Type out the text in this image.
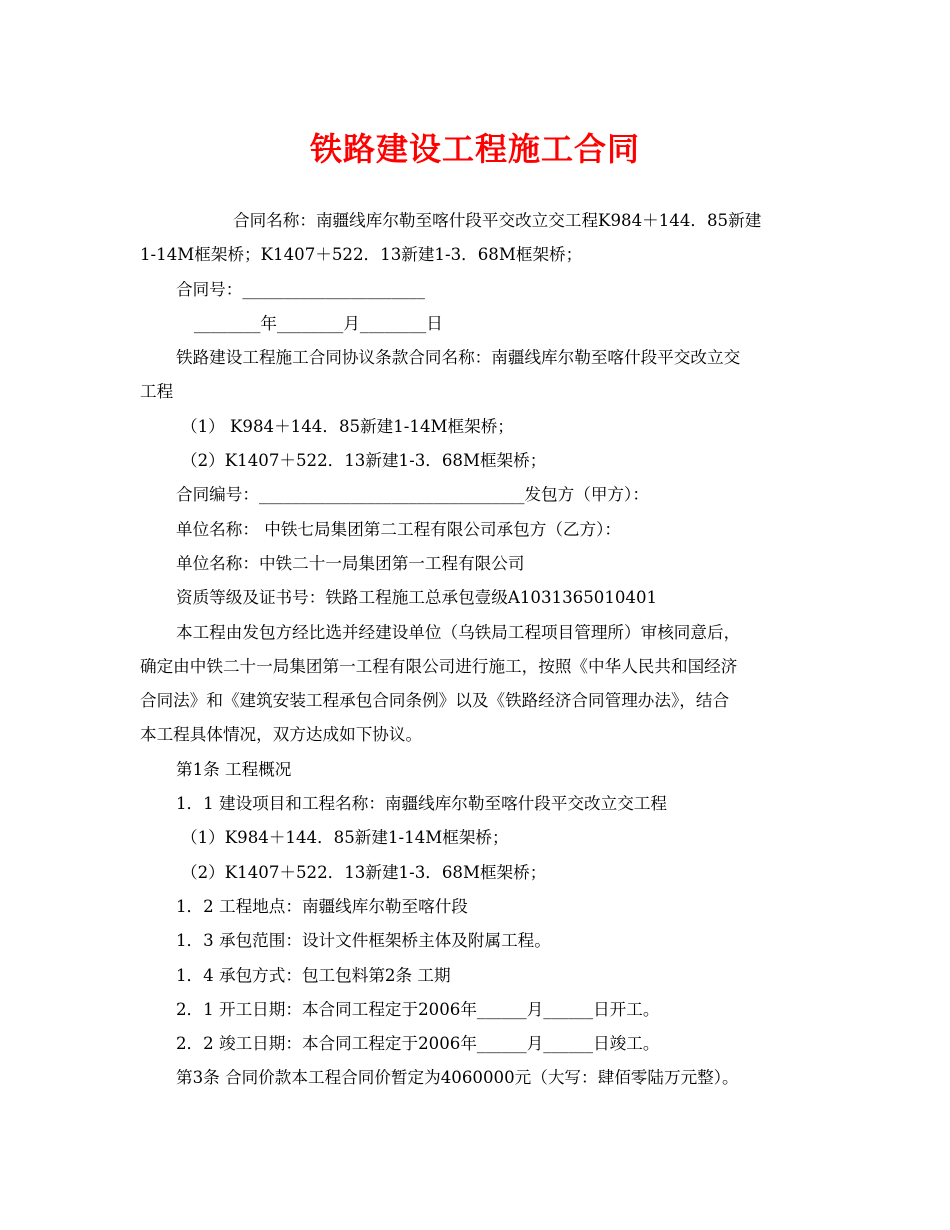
铁路建设工程施工合同

合同名称：南疆线库尔勒至喀什段平交改立交工程K984＋144．85新建

1-14M框架桥；K1407＋522．13新建1-3．68M框架桥；

合同号：______________________

________年________月________日

铁路建设工程施工合同协议条款合同名称：南疆线库尔勒至喀什段平交改立交

工程

（1） K984＋144．85新建1-14M框架桥；

（2）K1407＋522．13新建1-3．68M框架桥；

合同编号：________________________________发包方（甲方）：

单位名称： 中铁七局集团第二工程有限公司承包方（乙方）：

单位名称：中铁二十一局集团第一工程有限公司

资质等级及证书号：铁路工程施工总承包壹级A1031365010401

本工程由发包方经比选并经建设单位（乌铁局工程项目管理所）审核同意后，

确定由中铁二十一局集团第一工程有限公司进行施工，按照《中华人民共和国经济

合同法》和《建筑安装工程承包合同条例》以及《铁路经济合同管理办法》，结合

本工程具体情况，双方达成如下协议。

第1条 工程概况

1．1 建设项目和工程名称：南疆线库尔勒至喀什段平交改立交工程

（1）K984＋144．85新建1-14M框架桥；

（2）K1407＋522．13新建1-3．68M框架桥；

1．2 工程地点：南疆线库尔勒至喀什段

1．3 承包范围：设计文件框架桥主体及附属工程。

1．4 承包方式：包工包料第2条 工期

2．1 开工日期：本合同工程定于2006年______月______日开工。

2．2 竣工日期：本合同工程定于2006年______月______日竣工。

第3条 合同价款本工程合同价暂定为4060000元（大写：肆佰零陆万元整）。
